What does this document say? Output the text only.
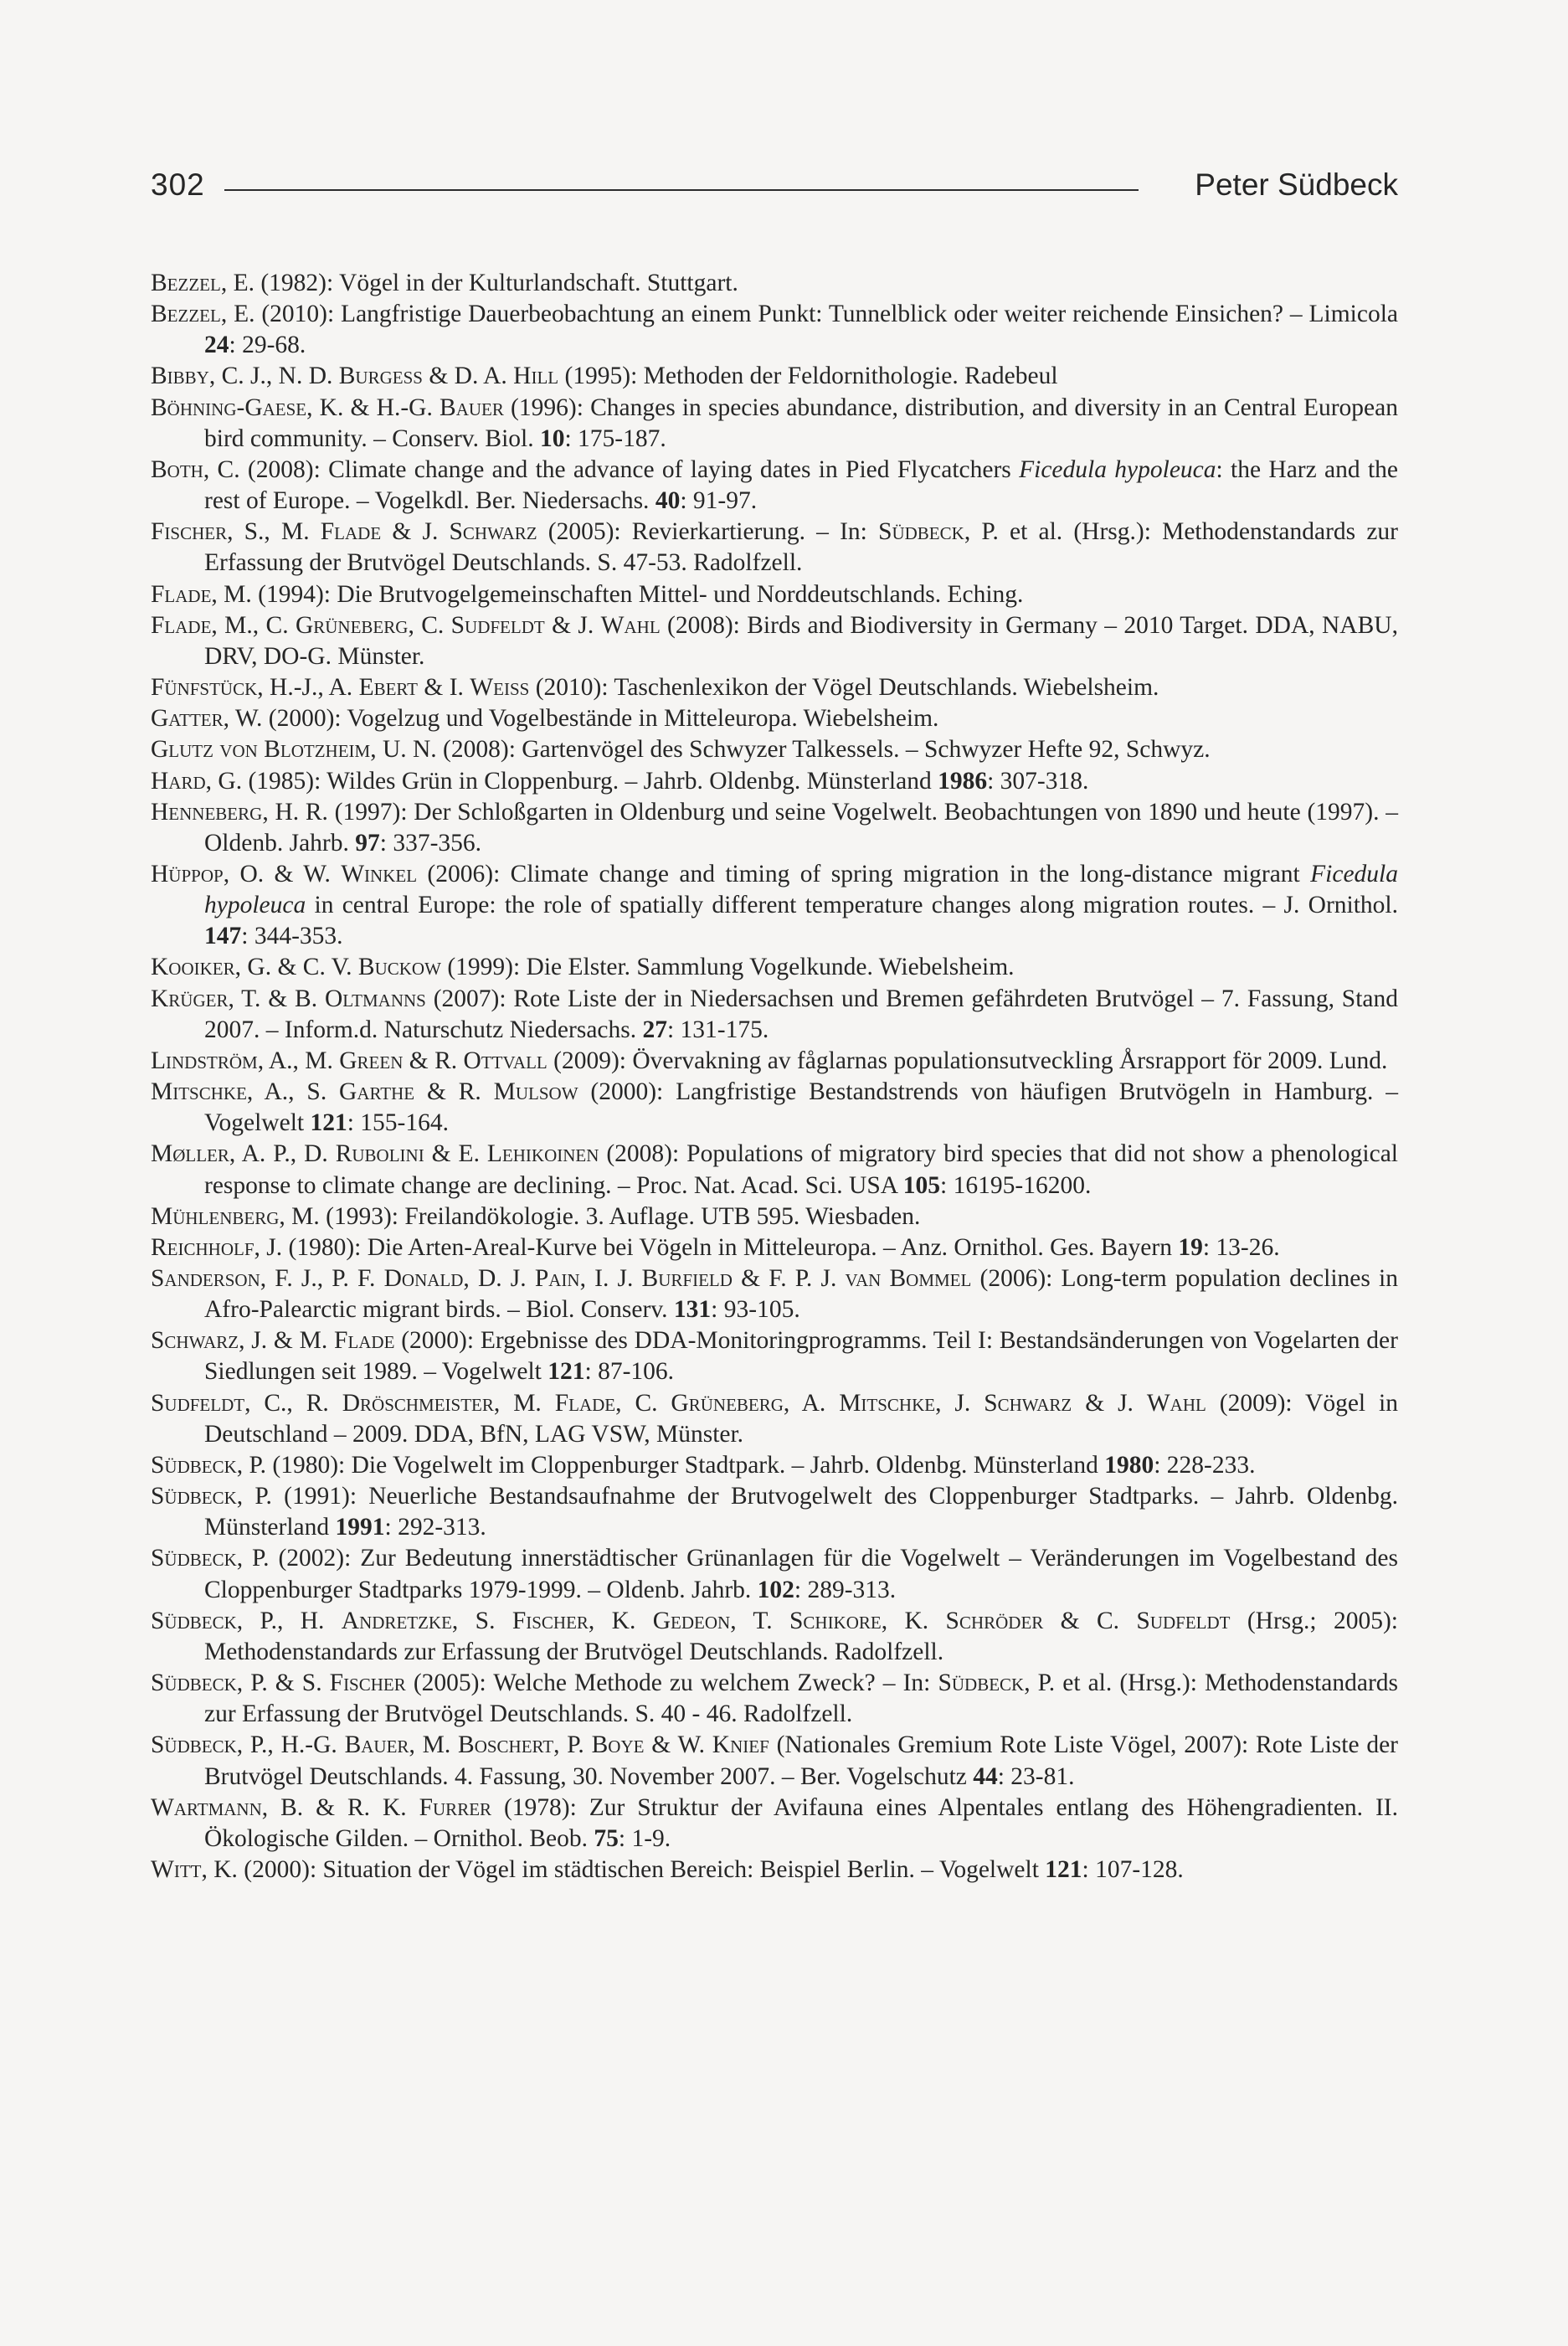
302	Peter Südbeck
Bezzel, E. (1982): Vögel in der Kulturlandschaft. Stuttgart.
Bezzel, E. (2010): Langfristige Dauerbeobachtung an einem Punkt: Tunnelblick oder weiter reichende Einsichen? – Limicola 24: 29-68.
Bibby, C. J., N. D. Burgess & D. A. Hill (1995): Methoden der Feldornithologie. Radebeul
Böhning-Gaese, K. & H.-G. Bauer (1996): Changes in species abundance, distribution, and diversity in an Central European bird community. – Conserv. Biol. 10: 175-187.
Both, C. (2008): Climate change and the advance of laying dates in Pied Flycatchers Ficedula hypoleuca: the Harz and the rest of Europe. – Vogelkdl. Ber. Niedersachs. 40: 91-97.
Fischer, S., M. Flade & J. Schwarz (2005): Revierkartierung. – In: Südbeck, P. et al. (Hrsg.): Methodenstandards zur Erfassung der Brutvögel Deutschlands. S. 47-53. Radolfzell.
Flade, M. (1994): Die Brutvogelgemeinschaften Mittel- und Norddeutschlands. Eching.
Flade, M., C. Grüneberg, C. Sudfeldt & J. Wahl (2008): Birds and Biodiversity in Germany – 2010 Target. DDA, NABU, DRV, DO-G. Münster.
Fünfstück, H.-J., A. Ebert & I. Weiß (2010): Taschenlexikon der Vögel Deutschlands. Wiebelsheim.
Gatter, W. (2000): Vogelzug und Vogelbestände in Mitteleuropa. Wiebelsheim.
Glutz von Blotzheim, U. N. (2008): Gartenvögel des Schwyzer Talkessels. – Schwyzer Hefte 92, Schwyz.
Hard, G. (1985): Wildes Grün in Cloppenburg. – Jahrb. Oldenbg. Münsterland 1986: 307-318.
Henneberg, H. R. (1997): Der Schloßgarten in Oldenburg und seine Vogelwelt. Beobachtungen von 1890 und heute (1997). – Oldenb. Jahrb. 97: 337-356.
Hüppop, O. & W. Winkel (2006): Climate change and timing of spring migration in the long-distance migrant Ficedula hypoleuca in central Europe: the role of spatially different temperature changes along migration routes. – J. Ornithol. 147: 344-353.
Kooiker, G. & C. V. Buckow (1999): Die Elster. Sammlung Vogelkunde. Wiebelsheim.
Krüger, T. & B. Oltmanns (2007): Rote Liste der in Niedersachsen und Bremen gefährdeten Brutvögel – 7. Fassung, Stand 2007. – Inform.d. Naturschutz Niedersachs. 27: 131-175.
Lindström, A., M. Green & R. Ottvall (2009): Övervakning av fåglarnas populationsutveckling Årsrapport för 2009. Lund.
Mitschke, A., S. Garthe & R. Mulsow (2000): Langfristige Bestandstrends von häufigen Brutvögeln in Hamburg. – Vogelwelt 121: 155-164.
Møller, A. P., D. Rubolini & E. Lehikoinen (2008): Populations of migratory bird species that did not show a phenological response to climate change are declining. – Proc. Nat. Acad. Sci. USA 105: 16195-16200.
Mühlenberg, M. (1993): Freilandökologie. 3. Auflage. UTB 595. Wiesbaden.
Reichholf, J. (1980): Die Arten-Areal-Kurve bei Vögeln in Mitteleuropa. – Anz. Ornithol. Ges. Bayern 19: 13-26.
Sanderson, F. J., P. F. Donald, D. J. Pain, I. J. Burfield & F. P. J. van Bommel (2006): Long-term population declines in Afro-Palearctic migrant birds. – Biol. Conserv. 131: 93-105.
Schwarz, J. & M. Flade (2000): Ergebnisse des DDA-Monitoringprogramms. Teil I: Bestandsänderungen von Vogelarten der Siedlungen seit 1989. – Vogelwelt 121: 87-106.
Sudfeldt, C., R. Dröschmeister, M. Flade, C. Grüneberg, A. Mitschke, J. Schwarz & J. Wahl (2009): Vögel in Deutschland – 2009. DDA, BfN, LAG VSW, Münster.
Südbeck, P. (1980): Die Vogelwelt im Cloppenburger Stadtpark. – Jahrb. Oldenbg. Münsterland 1980: 228-233.
Südbeck, P. (1991): Neuerliche Bestandsaufnahme der Brutvogelwelt des Cloppenburger Stadtparks. – Jahrb. Oldenbg. Münsterland 1991: 292-313.
Südbeck, P. (2002): Zur Bedeutung innerstädtischer Grünanlagen für die Vogelwelt – Veränderungen im Vogelbestand des Cloppenburger Stadtparks 1979-1999. – Oldenb. Jahrb. 102: 289-313.
Südbeck, P., H. Andretzke, S. Fischer, K. Gedeon, T. Schikore, K. Schröder & C. Sudfeldt (Hrsg.; 2005): Methodenstandards zur Erfassung der Brutvögel Deutschlands. Radolfzell.
Südbeck, P. & S. Fischer (2005): Welche Methode zu welchem Zweck? – In: Südbeck, P. et al. (Hrsg.): Methodenstandards zur Erfassung der Brutvögel Deutschlands. S. 40 - 46. Radolfzell.
Südbeck, P., H.-G. Bauer, M. Boschert, P. Boye & W. Knief (Nationales Gremium Rote Liste Vögel, 2007): Rote Liste der Brutvögel Deutschlands. 4. Fassung, 30. November 2007. – Ber. Vogelschutz 44: 23-81.
Wartmann, B. & R. K. Furrer (1978): Zur Struktur der Avifauna eines Alpentales entlang des Höhengradienten. II. Ökologische Gilden. – Ornithol. Beob. 75: 1-9.
Witt, K. (2000): Situation der Vögel im städtischen Bereich: Beispiel Berlin. – Vogelwelt 121: 107-128.
